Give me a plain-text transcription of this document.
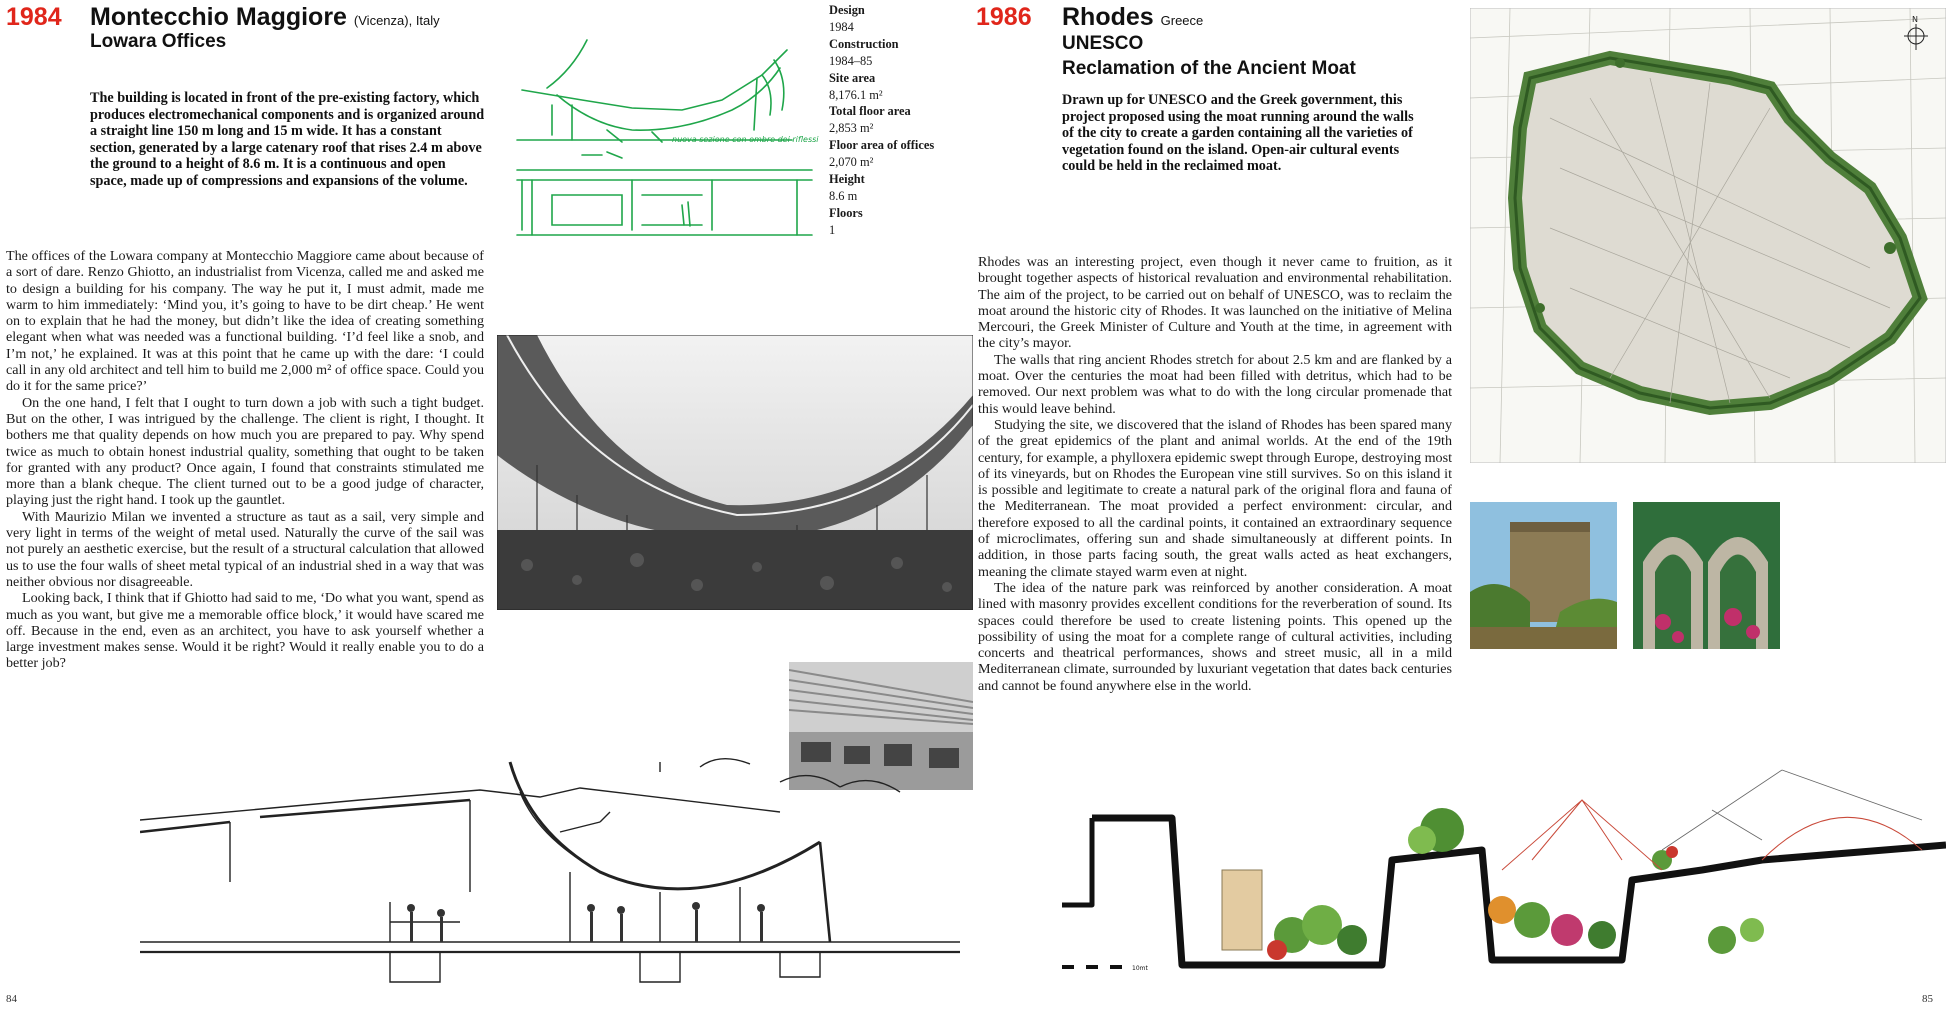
1984 Montecchio Maggiore (Vicenza), Italy
Lowara Offices
The building is located in front of the pre-existing factory, which produces electromechanical components and is organized around a straight line 150 m long and 15 m wide. It has a constant section, generated by a large catenary roof that rises 2.4 m above the ground to a height of 8.6 m. It is a continuous and open space, made up of compressions and expansions of the volume.
nuova sezione con ombre dei riflessi
Design
1984
Construction
1984–85
Site area
8,176.1 m²
Total floor area
2,853 m²
Floor area of offices
2,070 m²
Height
8.6 m
Floors
1

The offices of the Lowara company at Montecchio Maggiore came about because of a sort of dare. Renzo Ghiotto, an industrialist from Vicenza, called me and asked me to design a building for his company. The way he put it, I must admit, made me warm to him immediately: ‘Mind you, it’s going to have to be dirt cheap.’ He went on to explain that he had the money, but didn’t like the idea of creating something elegant when what was needed was a functional building. ‘I’d feel like a snob, and I’m not,’ he explained. It was at this point that he came up with the dare: ‘I could call in any old architect and tell him to build me 2,000 m² of office space. Could you do it for the same price?’

On the one hand, I felt that I ought to turn down a job with such a tight budget. But on the other, I was intrigued by the challenge. The client is right, I thought. It bothers me that quality depends on how much you are prepared to pay. Why spend twice as much to obtain honest industrial quality, something that ought to be taken for granted with any product? Once again, I found that constraints stimulated me more than a blank cheque. The client turned out to be a good judge of character, playing just the right hand. I took up the gauntlet.

With Maurizio Milan we invented a structure as taut as a sail, very simple and very light in terms of the weight of metal used. Naturally the curve of the sail was not purely an aesthetic exercise, but the result of a structural calculation that allowed us to use the four walls of sheet metal typical of an industrial shed in a way that was neither obvious nor disagreeable.

Looking back, I think that if Ghiotto had said to me, ‘Do what you want, spend as much as you want, but give me a memorable office block,’ it would have scared me off. Because in the end, even as an architect, you have to ask yourself whether a large investment makes sense. Would it be right? Would it really enable you to do a better job?

84
1986 Rhodes Greece
UNESCO
Reclamation of the Ancient Moat
Drawn up for UNESCO and the Greek government, this project proposed using the moat running around the walls of the city to create a garden containing all the varieties of vegetation found on the island. Open-air cultural events could be held in the reclaimed moat.

Rhodes was an interesting project, even though it never came to fruition, as it brought together aspects of historical revaluation and environmental rehabilitation. The aim of the project, to be carried out on behalf of UNESCO, was to reclaim the moat around the historic city of Rhodes. It was launched on the initiative of Melina Mercouri, the Greek Minister of Culture and Youth at the time, in agreement with the city’s mayor.

The walls that ring ancient Rhodes stretch for about 2.5 km and are flanked by a moat. Over the centuries the moat had been filled with detritus, which had to be removed. Our next problem was what to do with the long circular promenade that this would leave behind.

Studying the site, we discovered that the island of Rhodes has been spared many of the great epidemics of the plant and animal worlds. At the end of the 19th century, for example, a phylloxera epidemic swept through Europe, destroying most of its vineyards, but on Rhodes the European vine still survives. So on this island it is possible and legitimate to create a natural park of the original flora and fauna of the Mediterranean. The moat provided a perfect environment: circular, and therefore exposed to all the cardinal points, it contained an extraordinary sequence of microclimates, offering sun and shade simultaneously at different points. In addition, in those parts facing south, the great walls acted as heat exchangers, meaning the climate stayed warm even at night.

The idea of the nature park was reinforced by another consideration. A moat lined with masonry provides excellent conditions for the reverberation of sound. Its spaces could therefore be used to create listening points. This opened up the possibility of using the moat for a complete range of cultural activities, including concerts and theatrical performances, shows and street music, all in a mild Mediterranean climate, surrounded by luxuriant vegetation that dates back centuries and cannot be found anywhere else in the world.

N
10mt
85
